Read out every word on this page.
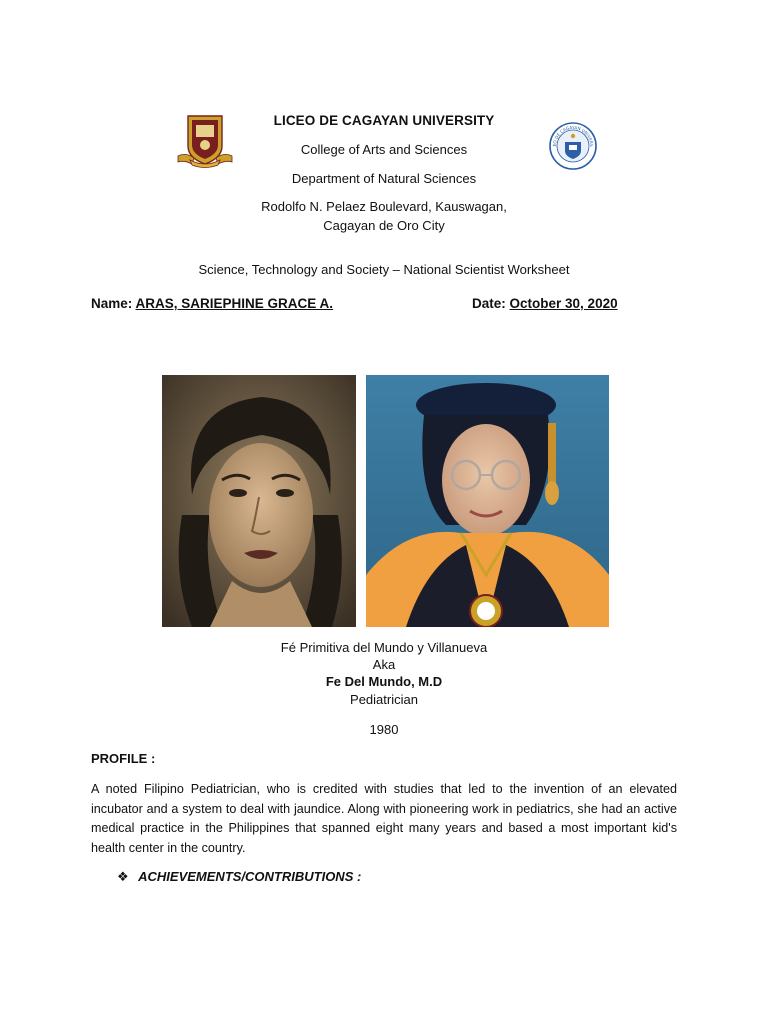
EO DE CAGAYAN UNIVERS
LICEO DE CAGAYAN UNIVERSITY
College of Arts and Sciences
Department of Natural Sciences
Rodolfo N. Pelaez Boulevard, Kauswagan,
Cagayan de Oro City
Science, Technology and Society – National Scientist Worksheet
Name: ARAS, SARIEPHINE GRACE A.	Date: October 30, 2020
Fé Primitiva del Mundo y Villanueva
Aka
Fe Del Mundo, M.D
Pediatrician
1980
PROFILE :
A noted Filipino Pediatrician, who is credited with studies that led to the invention of an elevated incubator and a system to deal with jaundice. Along with pioneering work in pediatrics, she had an active medical practice in the Philippines that spanned eight many years and based a most important kid's health center in the country.
❖ ACHIEVEMENTS/CONTRIBUTIONS :
